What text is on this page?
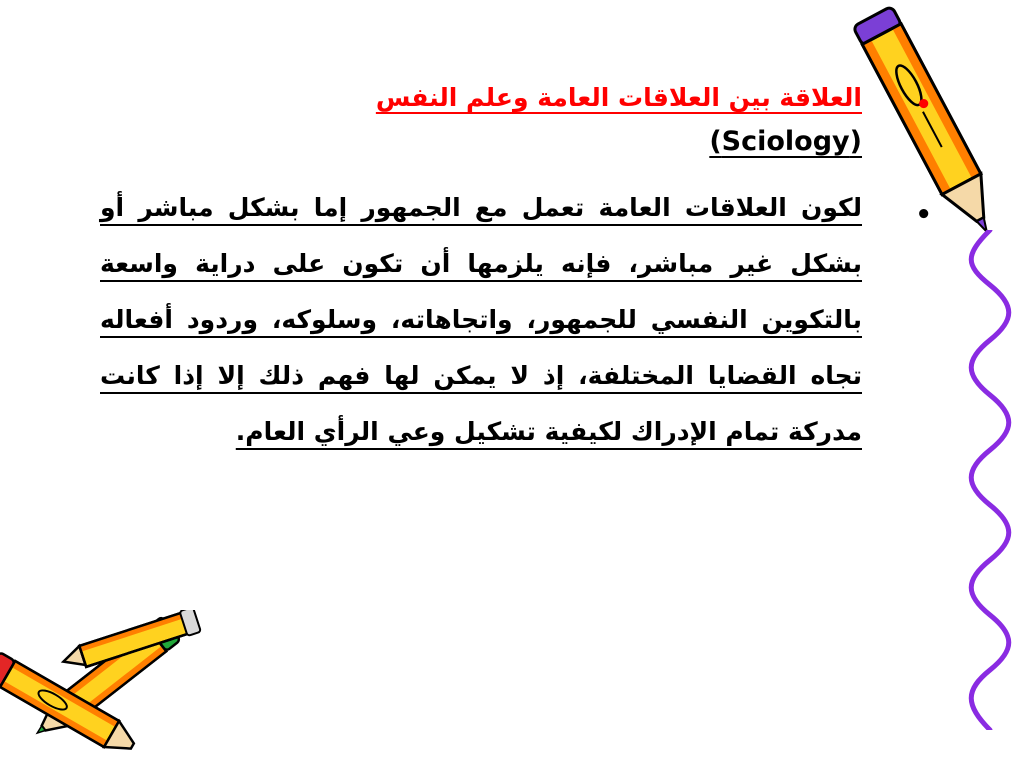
•
العلاقة بين العلاقات العامة وعلم النفس
(Sciology)
•
لكون العلاقات العامة تعمل مع الجمهور إما بشكل مباشر أو بشكل غير مباشر، فإنه يلزمها أن تكون على دراية واسعة بالتكوين النفسي للجمهور، واتجاهاته، وسلوكه، وردود أفعاله تجاه القضايا المختلفة، إذ لا يمكن لها فهم ذلك إلا إذا كانت مدركة تمام الإدراك لكيفية تشكيل وعي الرأي العام.
